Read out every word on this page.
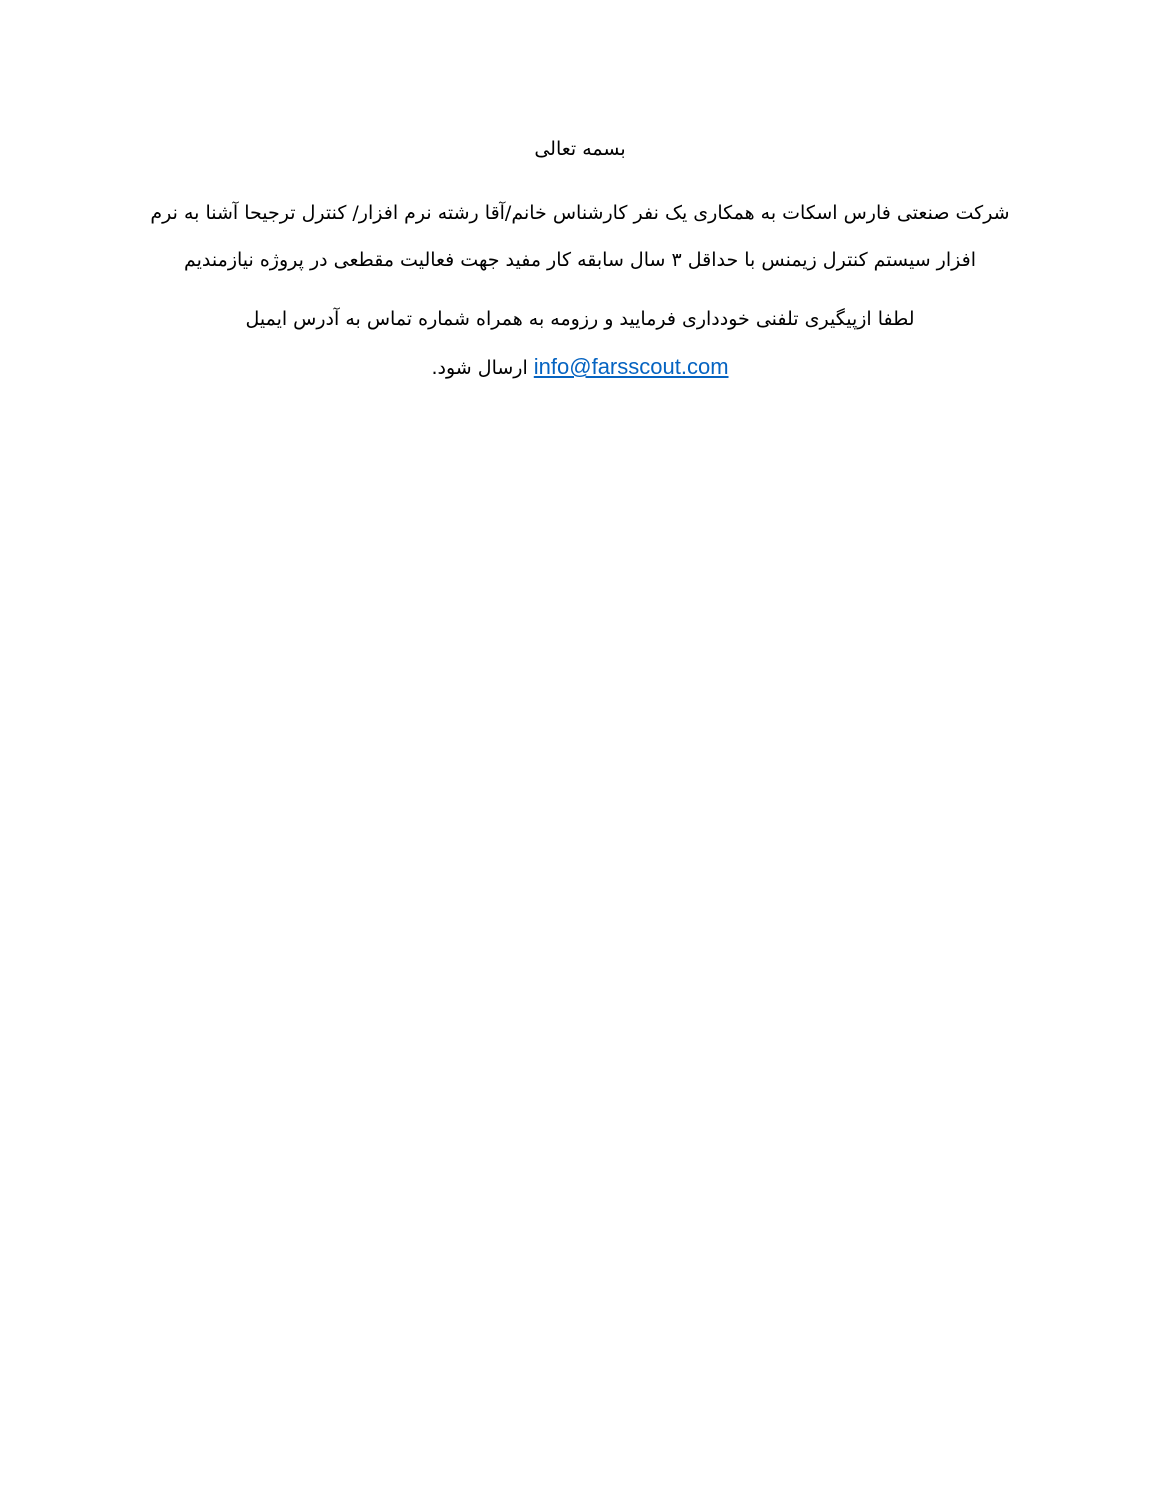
بسمه تعالی
شرکت صنعتی فارس اسکات به همکاری یک نفر کارشناس خانم/آقا رشته نرم افزار/ کنترل ترجیحا آشنا به نرم
افزار سیستم کنترل زیمنس با حداقل ۳ سال سابقه کار مفید جهت فعالیت مقطعی در پروژه نیازمندیم
لطفا ازپیگیری تلفنی خودداری فرمایید و رزومه به همراه شماره تماس به آدرس ایمیل
info@farsscout.com ارسال شود.
